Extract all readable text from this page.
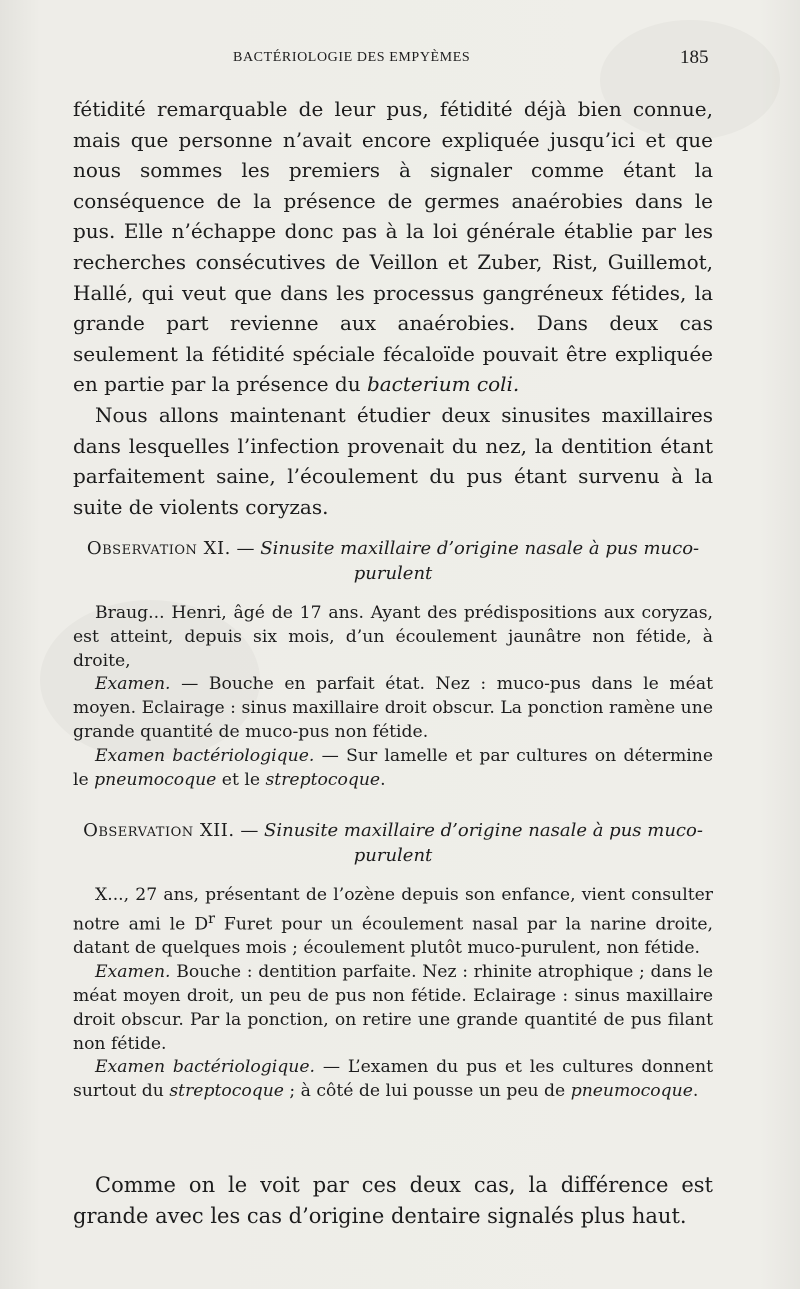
BACTÉRIOLOGIE DES EMPYÈMES	185

fétidité remarquable de leur pus, fétidité déjà bien connue, mais que personne n’avait encore expliquée jusqu’ici et que nous sommes les premiers à signaler comme étant la conséquence de la présence de germes anaérobies dans le pus. Elle n’échappe donc pas à la loi générale établie par les recherches consécutives de Veillon et Zuber, Rist, Guillemot, Hallé, qui veut que dans les processus gangréneux fétides, la grande part revienne aux anaérobies. Dans deux cas seulement la fétidité spéciale fécaloïde pouvait être expliquée en partie par la présence du bacterium coli.

Nous allons maintenant étudier deux sinusites maxillaires dans lesquelles l’infection provenait du nez, la dentition étant parfaitement saine, l’écoulement du pus étant survenu à la suite de violents coryzas.

Observation XI. — Sinusite maxillaire d’origine nasale à pus muco-purulent

Braug... Henri, âgé de 17 ans. Ayant des prédispositions aux coryzas, est atteint, depuis six mois, d’un écoulement jaunâtre non fétide, à droite,

Examen. — Bouche en parfait état. Nez : muco-pus dans le méat moyen. Eclairage : sinus maxillaire droit obscur. La ponction ramène une grande quantité de muco-pus non fétide.

Examen bactériologique. — Sur lamelle et par cultures on détermine le pneumocoque et le streptocoque.

Observation XII. — Sinusite maxillaire d’origine nasale à pus muco-purulent

X..., 27 ans, présentant de l’ozène depuis son enfance, vient consulter notre ami le $D^r$ Furet pour un écoulement nasal par la narine droite, datant de quelques mois ; écoulement plutôt muco-purulent, non fétide.

Examen. Bouche : dentition parfaite. Nez : rhinite atrophique ; dans le méat moyen droit, un peu de pus non fétide. Eclairage : sinus maxillaire droit obscur. Par la ponction, on retire une grande quantité de pus filant non fétide.

Examen bactériologique. — L’examen du pus et les cultures donnent surtout du streptocoque ; à côté de lui pousse un peu de pneumocoque.

Comme on le voit par ces deux cas, la différence est grande avec les cas d’origine dentaire signalés plus haut.
